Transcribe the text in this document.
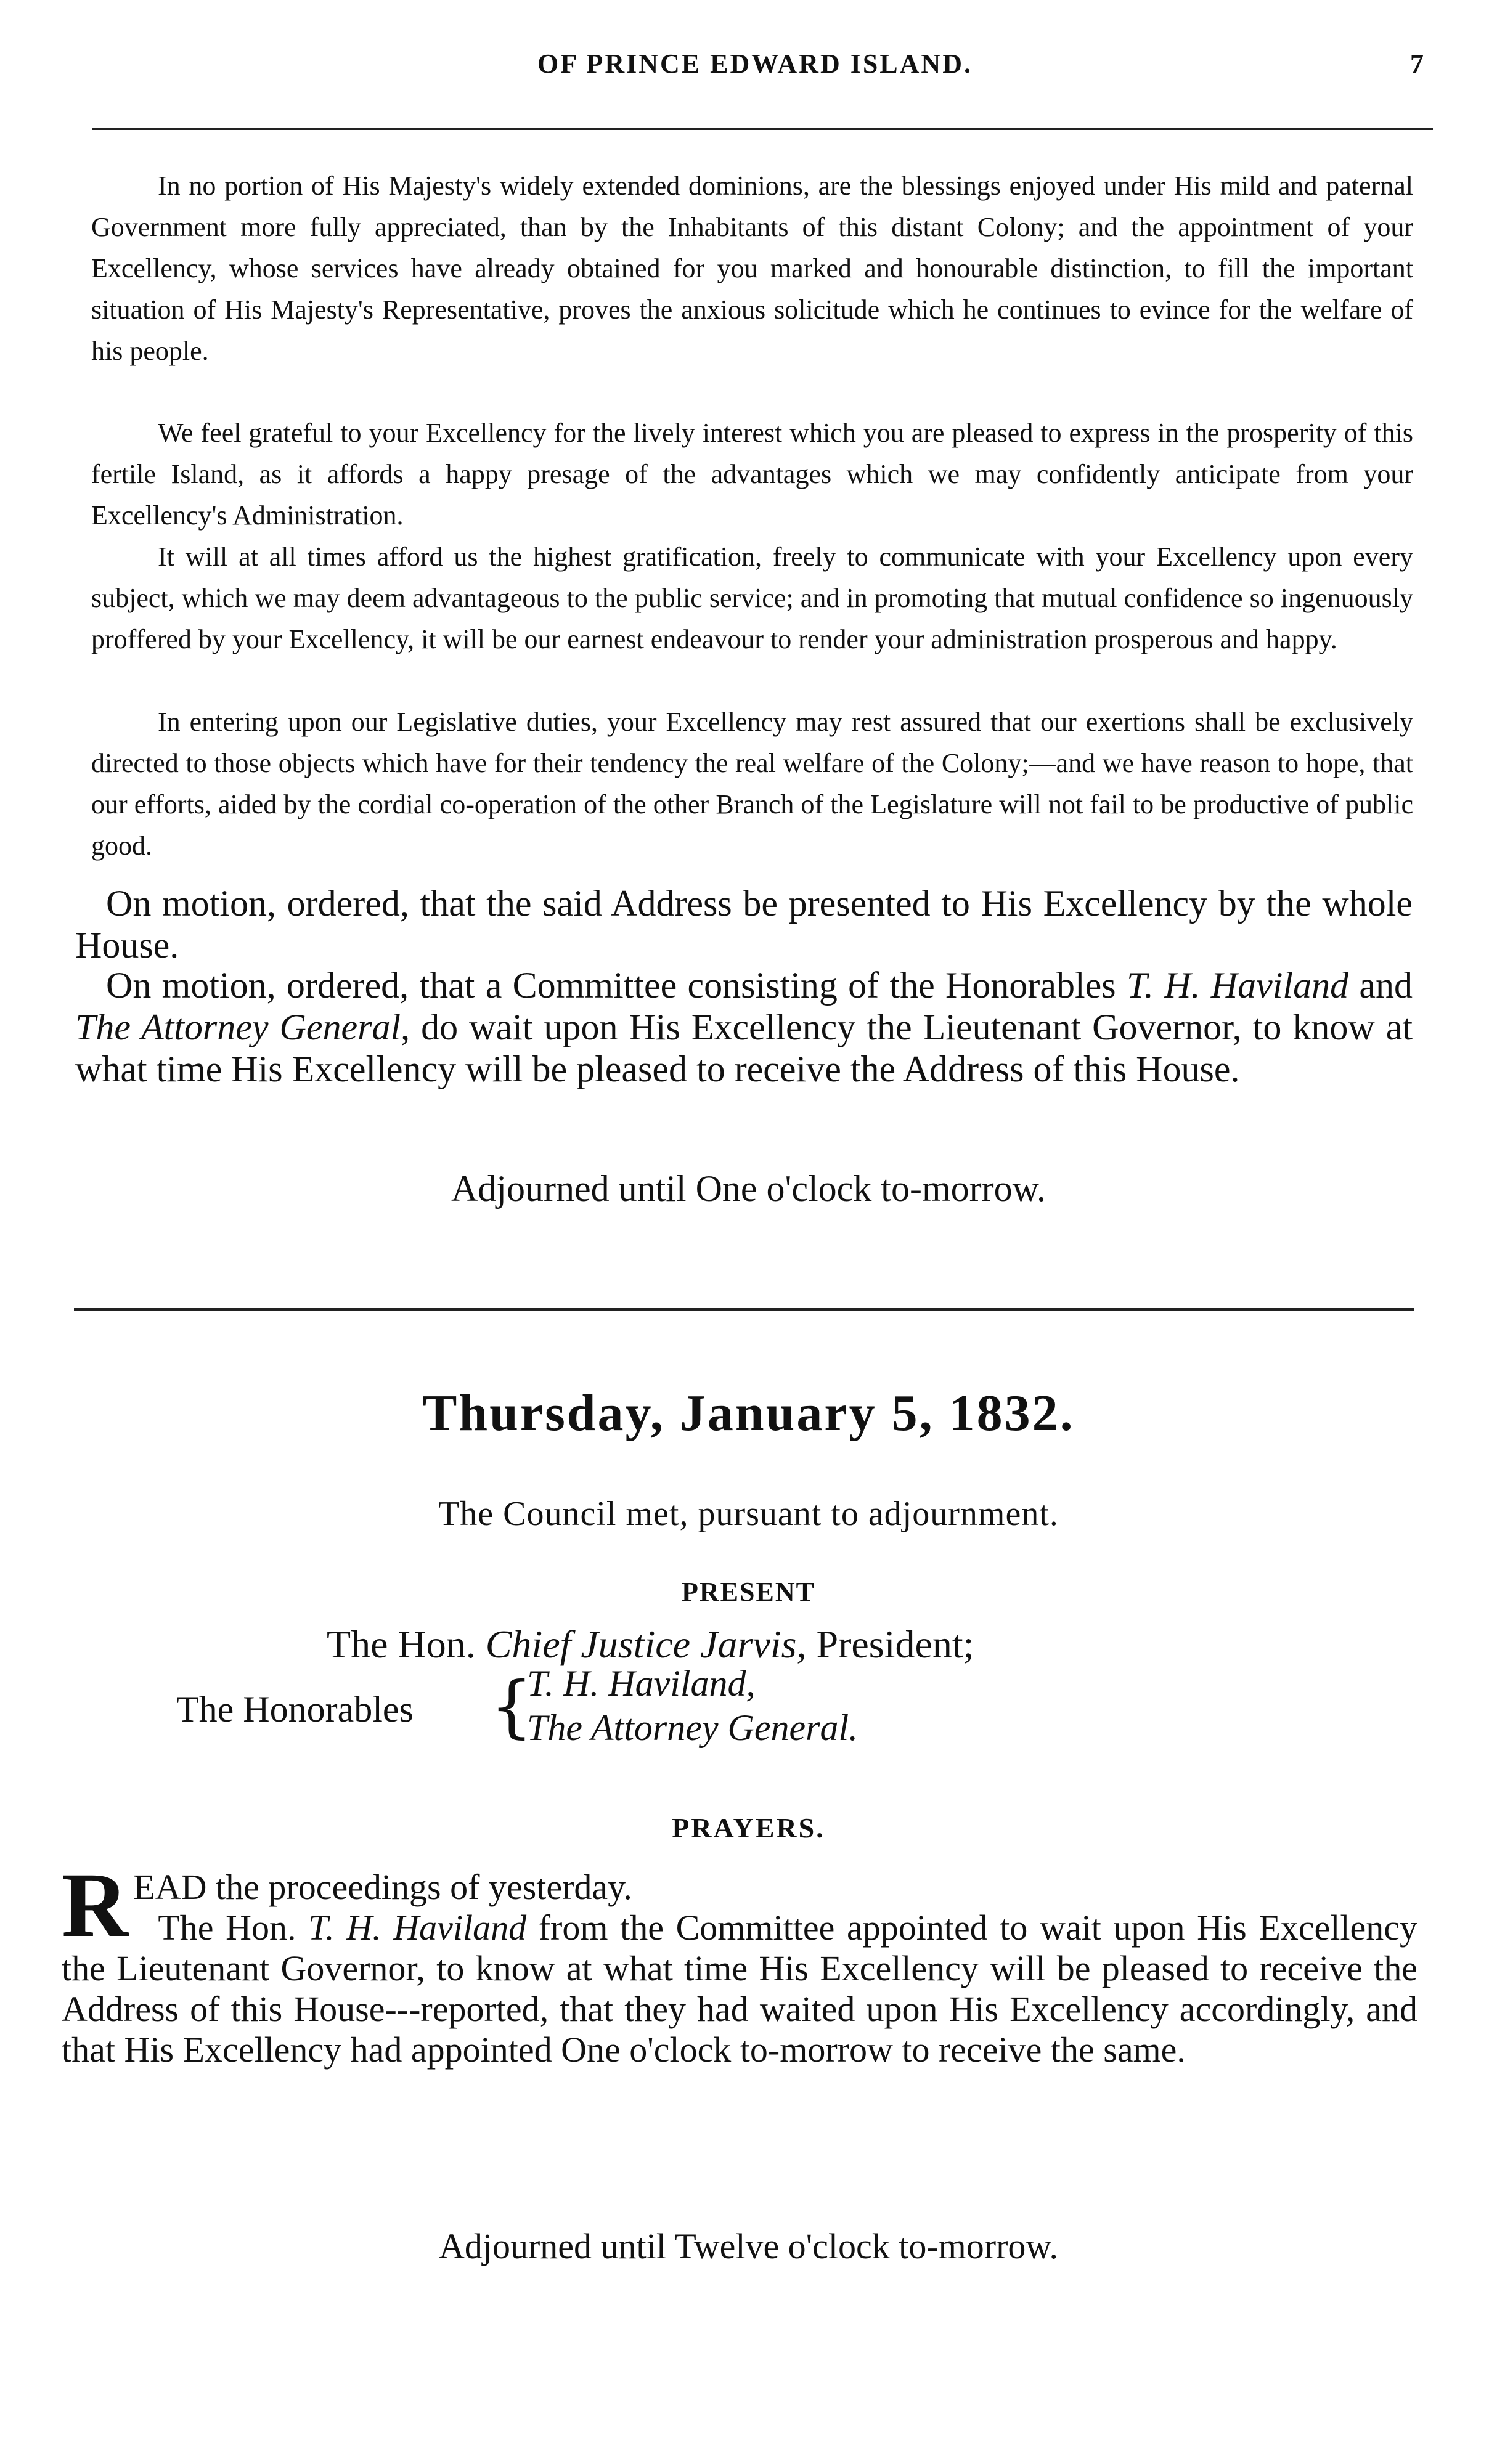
OF PRINCE EDWARD ISLAND.	7

In no portion of His Majesty's widely extended dominions, are the blessings enjoyed under His mild and paternal Government more fully appreciated, than by the Inhabitants of this distant Colony; and the appointment of your Excellency, whose services have already obtained for you marked and honourable distinction, to fill the important situation of His Majesty's Representative, proves the anxious solicitude which he continues to evince for the welfare of his people.

We feel grateful to your Excellency for the lively interest which you are pleased to express in the prosperity of this fertile Island, as it affords a happy presage of the advantages which we may confidently anticipate from your Excellency's Administration.

It will at all times afford us the highest gratification, freely to communicate with your Excellency upon every subject, which we may deem advantageous to the public service; and in promoting that mutual confidence so ingenuously proffered by your Excellency, it will be our earnest endeavour to render your administration prosperous and happy.

In entering upon our Legislative duties, your Excellency may rest assured that our exertions shall be exclusively directed to those objects which have for their tendency the real welfare of the Colony;—and we have reason to hope, that our efforts, aided by the cordial co-operation of the other Branch of the Legislature will not fail to be productive of public good.

On motion, ordered, that the said Address be presented to His Excellency by the whole House.

On motion, ordered, that a Committee consisting of the Honorables T. H. Haviland and The Attorney General, do wait upon His Excellency the Lieutenant Governor, to know at what time His Excellency will be pleased to receive the Address of this House.

Adjourned until One o'clock to-morrow.

Thursday, January 5, 1832.

The Council met, pursuant to adjournment.

PRESENT

The Hon. Chief Justice Jarvis, President;

The Honorables {
T. H. Haviland,
The Attorney General.

PRAYERS.

R EAD the proceedings of yesterday.
The Hon. T. H. Haviland from the Committee appointed to wait upon His Excellency the Lieutenant Governor, to know at what time His Excellency will be pleased to receive the Address of this House---reported, that they had waited upon His Excellency accordingly, and that His Excellency had appointed One o'clock to-morrow to receive the same.

Adjourned until Twelve o'clock to-morrow.
